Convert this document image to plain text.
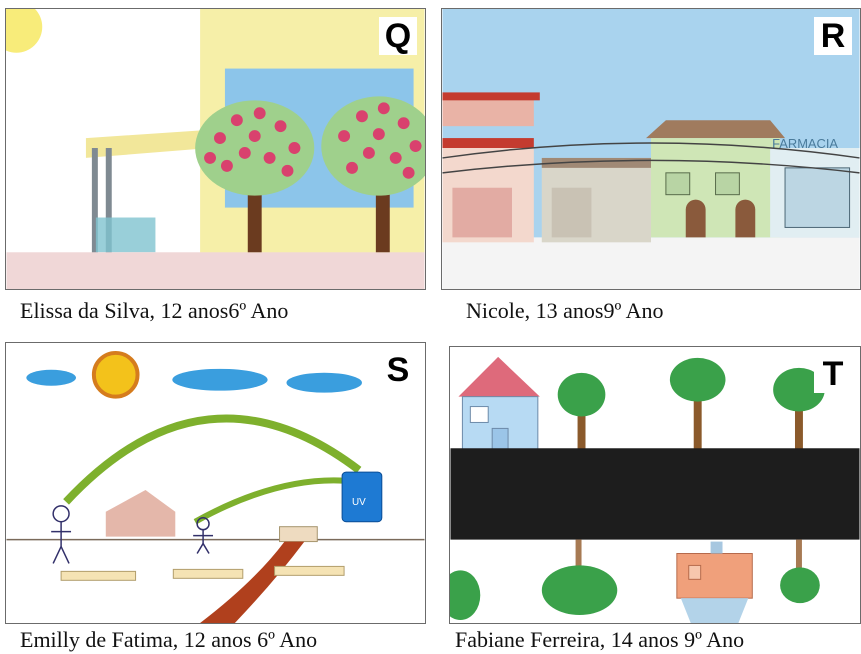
Q
FARMACIA
R
UV
S	T
Elissa da Silva, 12 anos6º Ano	Nicole, 13 anos9º Ano
Emilly de Fatima, 12 anos 6º Ano	Fabiane Ferreira, 14 anos 9º Ano
